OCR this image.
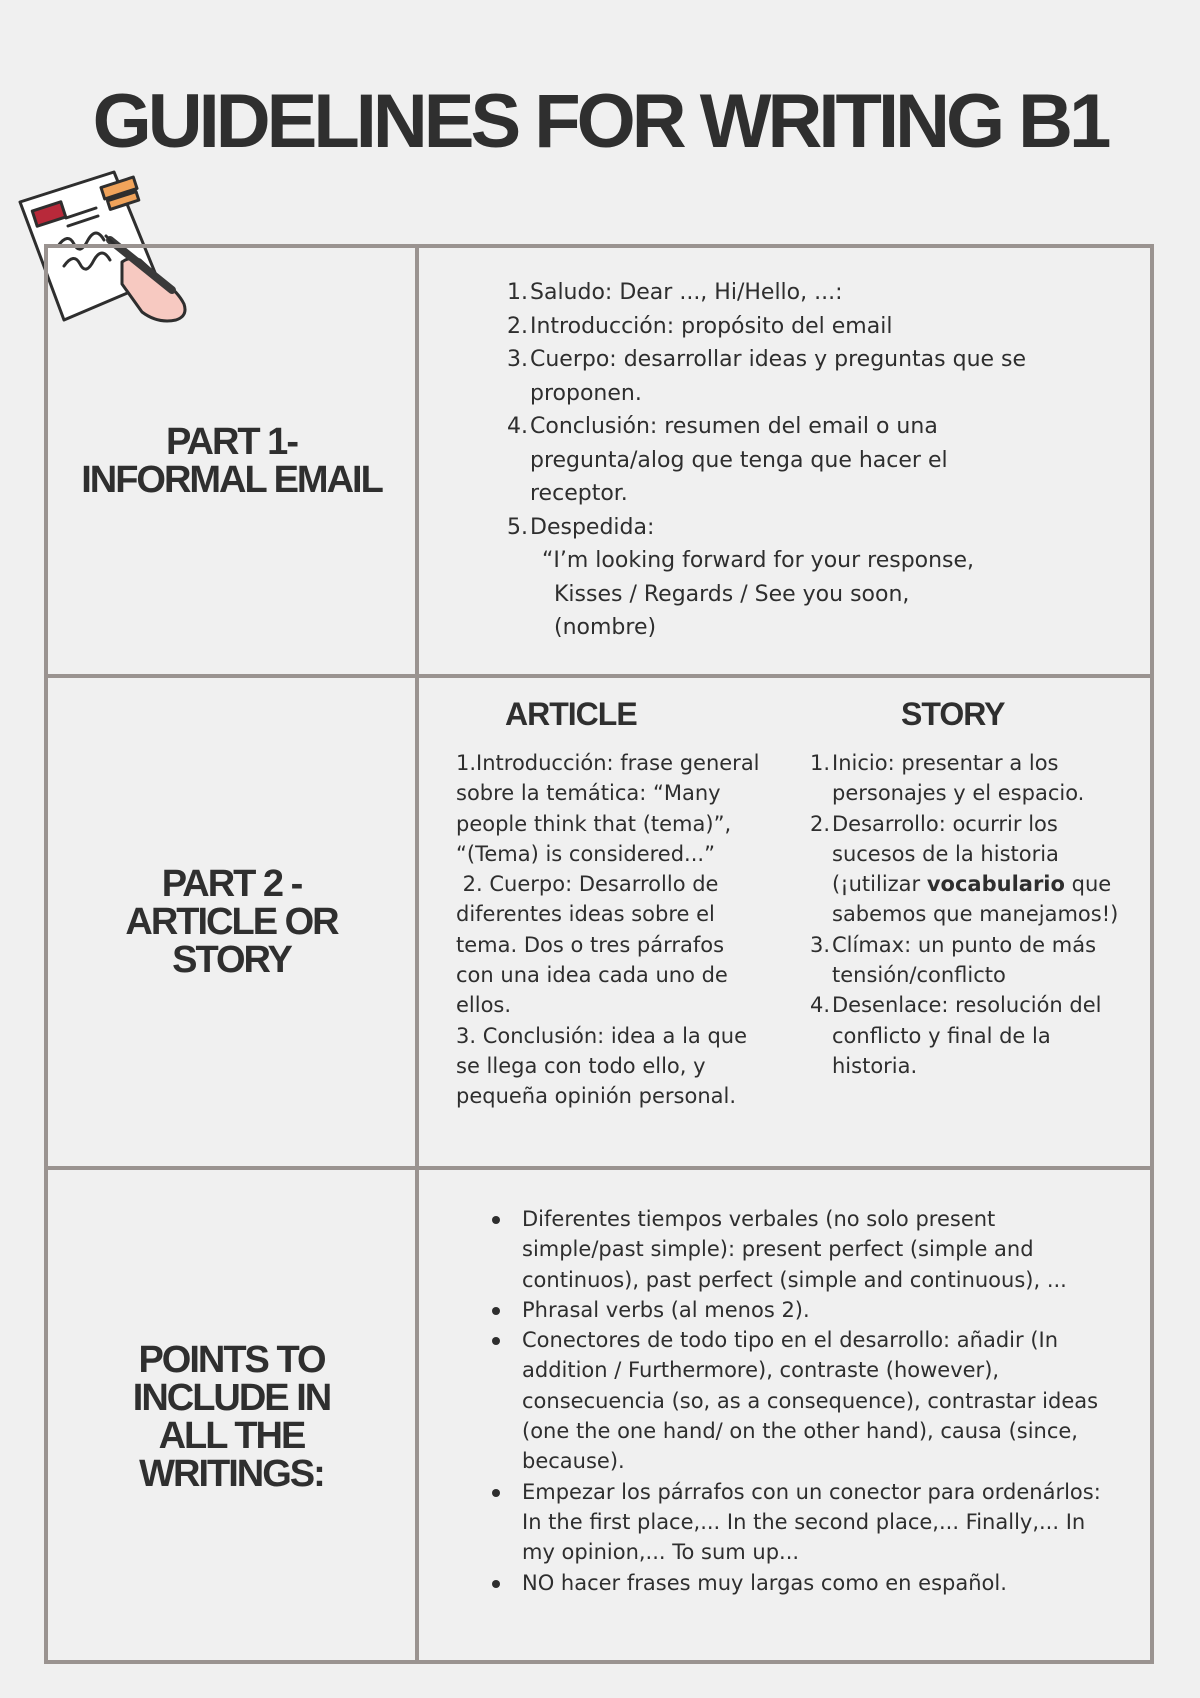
GUIDELINES FOR WRITING B1
PART 1-
INFORMAL EMAIL
1.Saludo: Dear ..., Hi/Hello, ...:
2.Introducción: propósito del email
3.Cuerpo: desarrollar ideas y preguntas que se
proponen.
4.Conclusión: resumen del email o una
pregunta/alog que tenga que hacer el
receptor.
5.Despedida:
“I’m looking forward for your response,
Kisses / Regards / See you soon,
(nombre)
PART 2 -
ARTICLE OR
STORY
ARTICLE	STORY

1.Introducción: frase general

sobre la temática: “Many

people think that (tema)”,

“(Tema) is considered...”

2. Cuerpo: Desarrollo de

diferentes ideas sobre el

tema. Dos o tres párrafos

con una idea cada uno de

ellos.

3. Conclusión: idea a la que

se llega con todo ello, y

pequeña opinión personal.

1. Inicio: presentar a los personajes y el espacio.
2. Desarrollo: ocurrir los sucesos de la historia (¡utilizar vocabulario que sabemos que manejamos!)
3. Clímax: un punto de más tensión/conflicto
4. Desenlace: resolución del conflicto y final de la historia.
POINTS TO
INCLUDE IN
ALL THE
WRITINGS:
Diferentes tiempos verbales (no solo present simple/past simple): present perfect (simple and continuos), past perfect (simple and continuous), ...
Phrasal verbs (al menos 2).
Conectores de todo tipo en el desarrollo: añadir (In addition / Furthermore), contraste (however), consecuencia (so, as a consequence), contrastar ideas (one the one hand/ on the other hand), causa (since, because).
Empezar los párrafos con un conector para ordenárlos: In the first place,... In the second place,... Finally,... In my opinion,... To sum up...
NO hacer frases muy largas como en español.
